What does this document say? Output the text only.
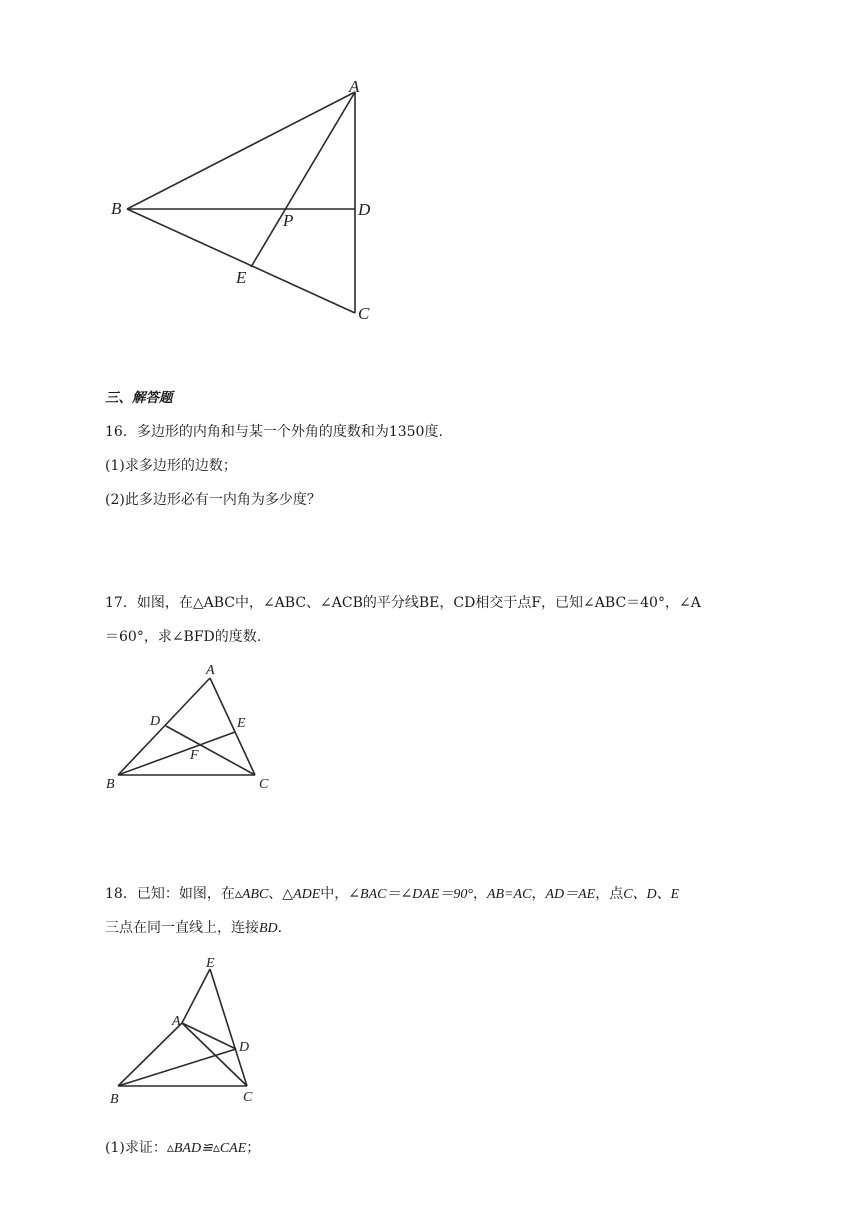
A
B	D
P
E
C
三、解答题
16．多边形的内角和与某一个外角的度数和为1350度.
(1)求多边形的边数；
(2)此多边形必有一内角为多少度？
17．如图，在△ABC中，∠ABC、∠ACB的平分线BE，CD相交于点F，已知∠ABC＝40°，∠A
＝60°，求∠BFD的度数.
A
D	E
F
B	C
18．已知：如图，在▵ABC、△ADE中，∠BAC＝∠DAE＝90°，AB=AC，AD＝AE，点C、D、E
三点在同一直线上，连接BD.
E
A
D
B	C
(1)求证：▵BAD≌▵CAE；
